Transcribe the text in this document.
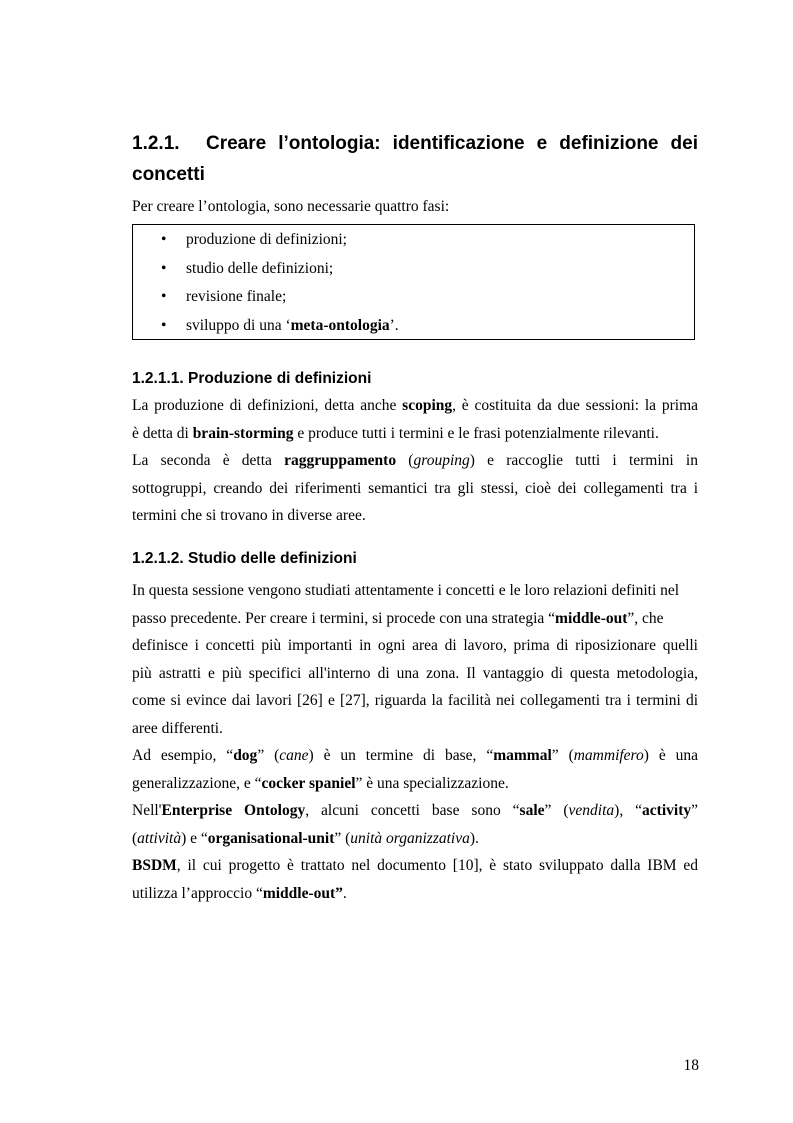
1.2.1. Creare l’ontologia: identificazione e definizione dei
concetti
Per creare l’ontologia, sono necessarie quattro fasi:
• produzione di definizioni;
• studio delle definizioni;
• revisione finale;
• sviluppo di una ‘meta-ontologia’.
1.2.1.1. Produzione di definizioni
La produzione di definizioni, detta anche scoping, è costituita da due sessioni: la prima
è detta di brain-storming e produce tutti i termini e le frasi potenzialmente rilevanti.
La seconda è detta raggruppamento (grouping) e raccoglie tutti i termini in
sottogruppi, creando dei riferimenti semantici tra gli stessi, cioè dei collegamenti tra i
termini che si trovano in diverse aree.
1.2.1.2. Studio delle definizioni
In questa sessione vengono studiati attentamente i concetti e le loro relazioni definiti nel
passo precedente. Per creare i termini, si procede con una strategia “middle-out”, che
definisce i concetti più importanti in ogni area di lavoro, prima di riposizionare quelli
più astratti e più specifici all'interno di una zona. Il vantaggio di questa metodologia,
come si evince dai lavori [26] e [27], riguarda la facilità nei collegamenti tra i termini di
aree differenti.
Ad esempio, “dog” (cane) è un termine di base, “mammal” (mammifero) è una
generalizzazione, e “cocker spaniel” è una specializzazione.
Nell'Enterprise Ontology, alcuni concetti base sono “sale” (vendita), “activity”
(attività) e “organisational-unit” (unità organizzativa).
BSDM, il cui progetto è trattato nel documento [10], è stato sviluppato dalla IBM ed
utilizza l’approccio “middle-out”.
18
